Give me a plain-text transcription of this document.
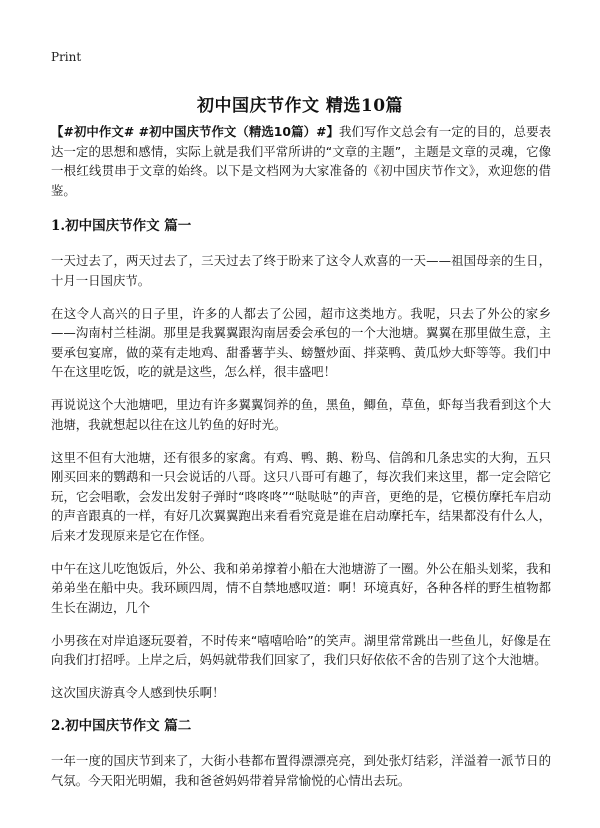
Print
初中国庆节作文 精选10篇

【#初中作文# #初中国庆节作文（精选10篇）#】我们写作文总会有一定的目的，总要表达一定的思想和感情，实际上就是我们平常所讲的“文章的主题”，主题是文章的灵魂，它像一根红线贯串于文章的始终。以下是文档网为大家准备的《初中国庆节作文》，欢迎您的借鉴。

1.初中国庆节作文 篇一

一天过去了，两天过去了，三天过去了终于盼来了这令人欢喜的一天——祖国母亲的生日，十月一日国庆节。

在这令人高兴的日子里，许多的人都去了公园，超市这类地方。我呢，只去了外公的家乡——沟南村兰桂湖。那里是我翼翼跟沟南居委会承包的一个大池塘。翼翼在那里做生意，主要承包宴席，做的菜有走地鸡、甜番薯芋头、螃蟹炒面、拌菜鸭、黄瓜炒大虾等等。我们中午在这里吃饭，吃的就是这些，怎么样，很丰盛吧！

再说说这个大池塘吧，里边有许多翼翼饲养的鱼，黑鱼，鲫鱼，草鱼，虾每当我看到这个大池塘，我就想起以往在这儿钓鱼的好时光。

这里不但有大池塘，还有很多的家禽。有鸡、鸭、鹅、粉鸟、信鸽和几条忠实的大狗，五只刚买回来的鹦鹉和一只会说话的八哥。这只八哥可有趣了，每次我们来这里，都一定会陪它玩，它会唱歌，会发出发射子弹时“咚咚咚”“哒哒哒”的声音，更绝的是，它模仿摩托车启动的声音跟真的一样，有好几次翼翼跑出来看看究竟是谁在启动摩托车，结果都没有什么人，后来才发现原来是它在作怪。

中午在这儿吃饱饭后，外公、我和弟弟撑着小船在大池塘游了一圈。外公在船头划桨，我和弟弟坐在船中央。我环顾四周，情不自禁地感叹道：啊！环境真好，各种各样的野生植物都生长在湖边，几个

小男孩在对岸追逐玩耍着，不时传来“嘻嘻哈哈”的笑声。湖里常常跳出一些鱼儿，好像是在向我们打招呼。上岸之后，妈妈就带我们回家了，我们只好依依不舍的告别了这个大池塘。

这次国庆游真令人感到快乐啊！

2.初中国庆节作文 篇二

一年一度的国庆节到来了，大街小巷都布置得漂漂亮亮，到处张灯结彩，洋溢着一派节日的气氛。今天阳光明媚，我和爸爸妈妈带着异常愉悦的心情出去玩。
